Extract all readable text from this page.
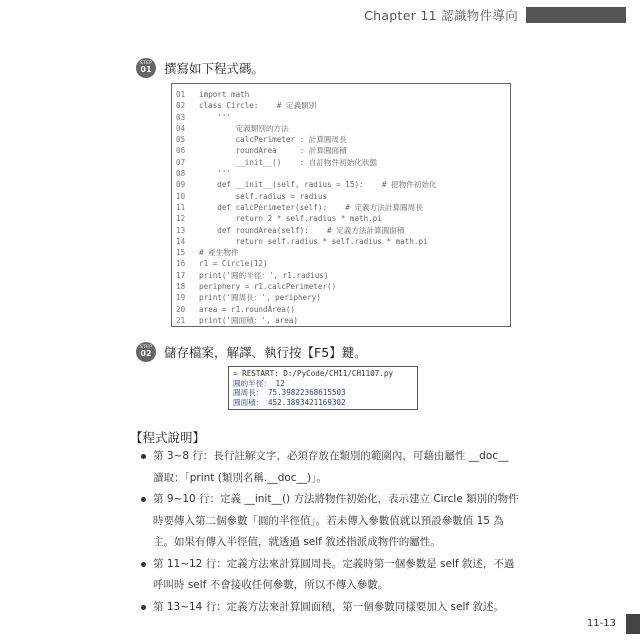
Chapter 11 認識物件導向
STEP
01 撰寫如下程式碼。
01	import math
02	class Circle:    # 定義類別
03	'''
04	定義類別的方法
05	calcPerimeter : 計算圓周長
06	roundArea     : 計算圓面積
07	__init__()    : 自訂物件初始化狀態
08	'''
09	def __init__(self, radius = 15):    # 把物件初始化
10	self.radius = radius
11	def calcPerimeter(self):    # 定義方法計算圓周長
12	return 2 * self.radius * math.pi
13	def roundArea(self):    # 定義方法計算圓面積
14	return self.radius * self.radius * math.pi
15	# 產生物件
16	r1 = Circle(12)
17	print('圓的半徑：', r1.radius)
18	periphery = r1.calcPerimeter()
19	print('圓周長：', periphery)
20	area = r1.roundArea()
21	print('圓面積：', area)
STEP
02 儲存檔案，解譯、執行按【F5】鍵。
= RESTART: D:/PyCode/CH11/CH1107.py
圓的半徑： 12
圓周長： 75.39822368615503
圓面積： 452.3893421169302
【程式說明】
第 3~8 行：長行註解文字，必須存放在類別的範圍內，可藉由屬性 __doc__ 讀取：「print (類別名稱.__doc__)」。
第 9~10 行：定義 __init__() 方法將物件初始化，表示建立 Circle 類別的物件時要傳入第二個參數「圓的半徑值」。若未傳入參數值就以預設參數值 15 為主。如果有傳入半徑值，就透過 self 敘述指派成物件的屬性。
第 11~12 行：定義方法來計算圓周長。定義時第一個參數是 self 敘述，不過呼叫時 self 不會接收任何參數，所以不傳入參數。
第 13~14 行：定義方法來計算圓面積，第一個參數同樣要加入 self 敘述。
11-13
